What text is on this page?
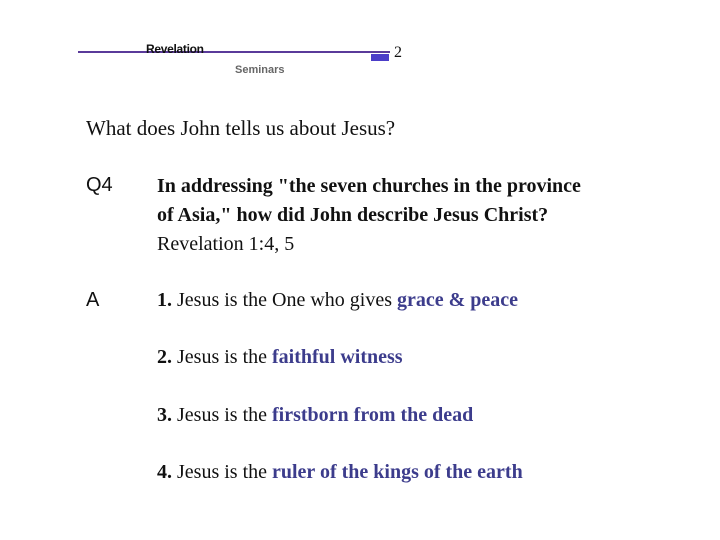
Revelation
Seminars
2
What does John tells us about Jesus?
Q4 In addressing "the seven churches in the province
of Asia," how did John describe Jesus Christ?
Revelation 1:4, 5
A	1. Jesus is the One who gives grace & peace
2. Jesus is the faithful witness
3. Jesus is the firstborn from the dead
4. Jesus is the ruler of the kings of the earth
